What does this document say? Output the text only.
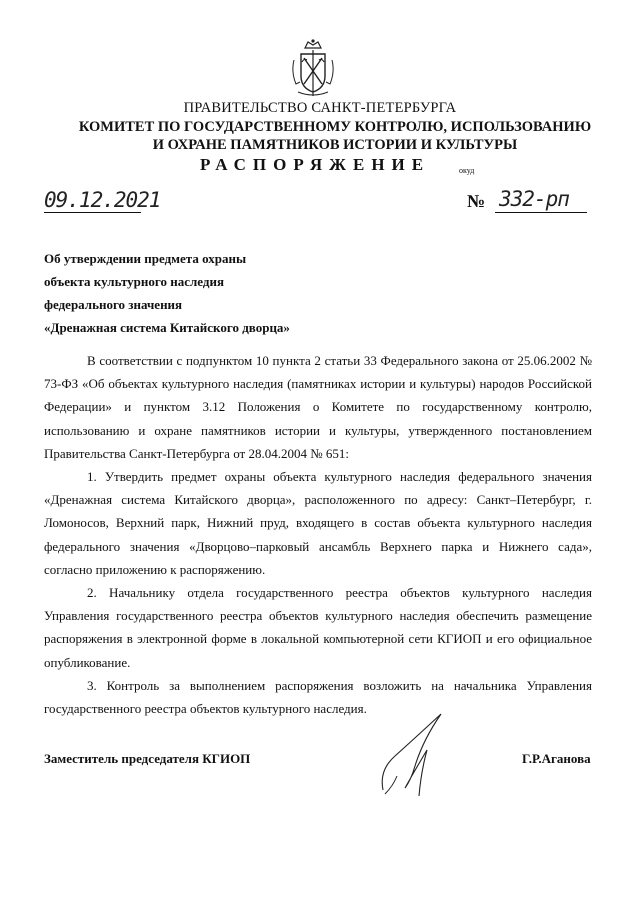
ПРАВИТЕЛЬСТВО САНКТ-ПЕТЕРБУРГА
КОМИТЕТ ПО ГОСУДАРСТВЕННОМУ КОНТРОЛЮ, ИСПОЛЬЗОВАНИЮ
И ОХРАНЕ ПАМЯТНИКОВ ИСТОРИИ И КУЛЬТУРЫ
РАСПОРЯЖЕНИЕ	окуд
09.12.2021	№ 332-рп
Об утверждении предмета охраны
объекта культурного наследия
федерального значения
«Дренажная система Китайского дворца»

В соответствии с подпунктом 10 пункта 2 статьи 33 Федерального закона от 25.06.2002 № 73-ФЗ «Об объектах культурного наследия (памятниках истории и культуры) народов Российской Федерации» и пунктом 3.12 Положения о Комитете по государственному контролю, использованию и охране памятников истории и культуры, утвержденного постановлением Правительства Санкт-Петербурга от 28.04.2004 № 651:

1. Утвердить предмет охраны объекта культурного наследия федерального значения «Дренажная система Китайского дворца», расположенного по адресу: Санкт–Петербург, г. Ломоносов, Верхний парк, Нижний пруд, входящего в состав объекта культурного наследия федерального значения «Дворцово–парковый ансамбль Верхнего парка и Нижнего сада», согласно приложению к распоряжению.

2. Начальнику отдела государственного реестра объектов культурного наследия Управления государственного реестра объектов культурного наследия обеспечить размещение распоряжения в электронной форме в локальной компьютерной сети КГИОП и его официальное опубликование.

3. Контроль за выполнением распоряжения возложить на начальника Управления государственного реестра объектов культурного наследия.

Заместитель председателя КГИОП	Г.Р.Аганова
